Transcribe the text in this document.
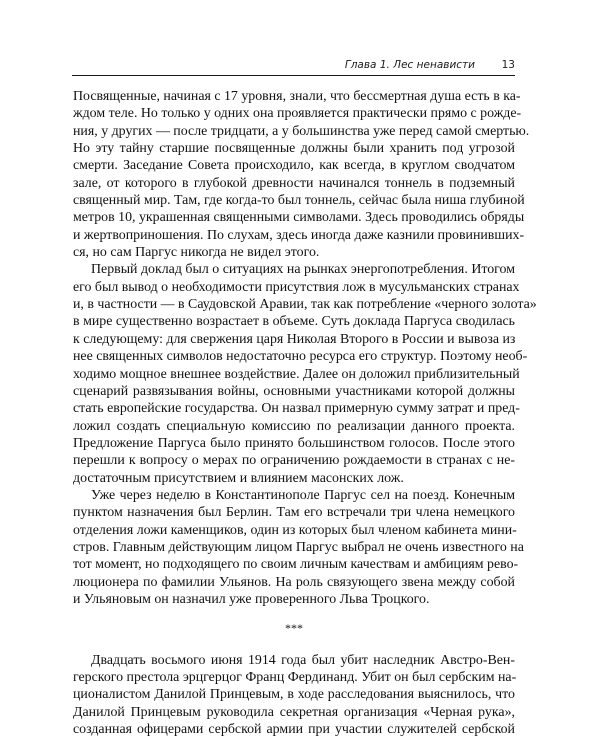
Глава 1. Лес ненависти	13
Посвященные, начиная с 17 уровня, знали, что бессмертная душа есть в ка-
ждом теле. Но только у одних она проявляется практически прямо с рожде-
ния, у других — после тридцати, а у большинства уже перед самой смертью.
Но эту тайну старшие посвященные должны были хранить под угрозой
смерти. Заседание Совета происходило, как всегда, в круглом сводчатом
зале, от которого в глубокой древности начинался тоннель в подземный
священный мир. Там, где когда-то был тоннель, сейчас была ниша глубиной
метров 10, украшенная священными символами. Здесь проводились обряды
и жертвоприношения. По слухам, здесь иногда даже казнили провинивших-
ся, но сам Паргус никогда не видел этого.
Первый доклад был о ситуациях на рынках энергопотребления. Итогом
его был вывод о необходимости присутствия лож в мусульманских странах
и, в частности — в Саудовской Аравии, так как потребление «черного золота»
в мире существенно возрастает в объеме. Суть доклада Паргуса сводилась
к следующему: для свержения царя Николая Второго в России и вывоза из
нее священных символов недостаточно ресурса его структур. Поэтому необ-
ходимо мощное внешнее воздействие. Далее он доложил приблизительный
сценарий развязывания войны, основными участниками которой должны
стать европейские государства. Он назвал примерную сумму затрат и пред-
ложил создать специальную комиссию по реализации данного проекта.
Предложение Паргуса было принято большинством голосов. После этого
перешли к вопросу о мерах по ограничению рождаемости в странах с не-
достаточным присутствием и влиянием масонских лож.
Уже через неделю в Константинополе Паргус сел на поезд. Конечным
пунктом назначения был Берлин. Там его встречали три члена немецкого
отделения ложи каменщиков, один из которых был членом кабинета мини-
стров. Главным действующим лицом Паргус выбрал не очень известного на
тот момент, но подходящего по своим личным качествам и амбициям рево-
люционера по фамилии Ульянов. На роль связующего звена между собой
и Ульяновым он назначил уже проверенного Льва Троцкого.
***
Двадцать восьмого июня 1914 года был убит наследник Австро-Вен-
герского престола эрцгерцог Франц Фердинанд. Убит он был сербским на-
ционалистом Данилой Принцевым, в ходе расследования выяснилось, что
Данилой Принцевым руководила секретная организация «Черная рука»,
созданная офицерами сербской армии при участии служителей сербской
